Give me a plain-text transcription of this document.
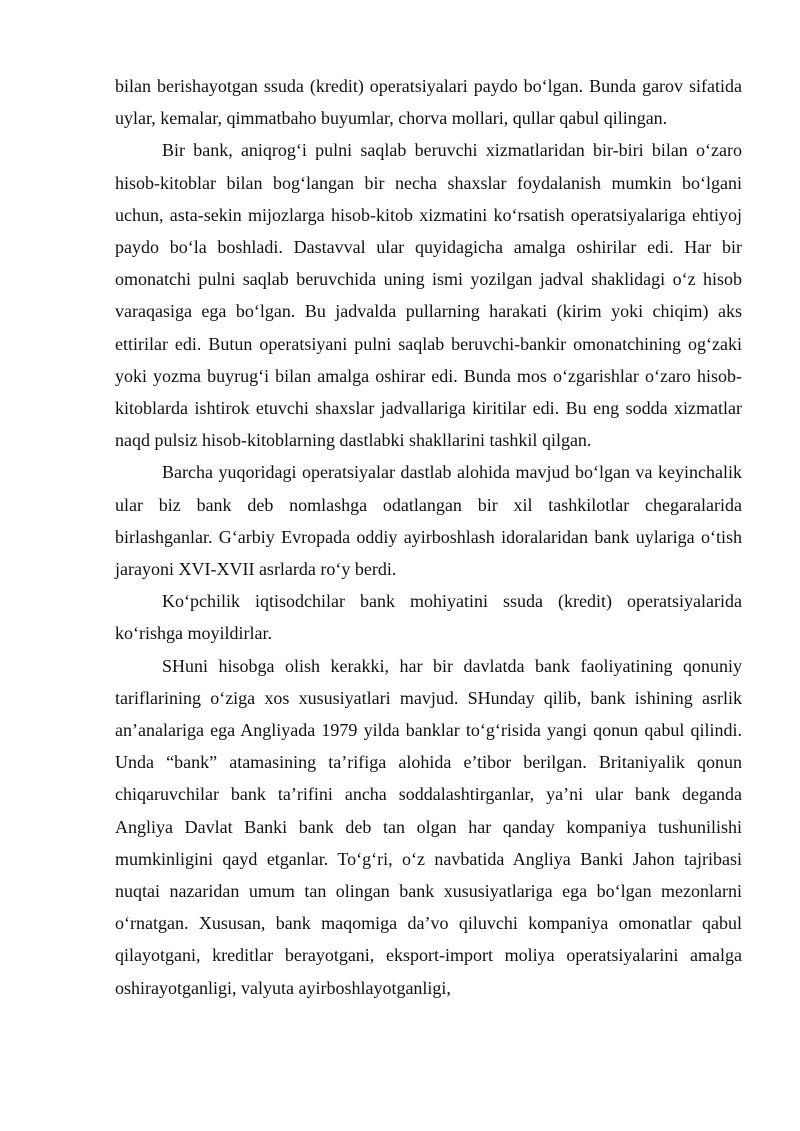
bilan berishayotgan ssuda (kredit) operatsiyalari paydo bo‘lgan. Bunda garov sifatida uylar, kemalar, qimmatbaho buyumlar, chorva mollari, qullar qabul qilingan.

Bir bank, aniqrog‘i pulni saqlab beruvchi xizmatlaridan bir-biri bilan o‘zaro hisob-kitoblar bilan bog‘langan bir necha shaxslar foydalanish mumkin bo‘lgani uchun, asta-sekin mijozlarga hisob-kitob xizmatini ko‘rsatish operatsiyalariga ehtiyoj paydo bo‘la boshladi. Dastavval ular quyidagicha amalga oshirilar edi. Har bir omonatchi pulni saqlab beruvchida uning ismi yozilgan jadval shaklidagi o‘z hisob varaqasiga ega bo‘lgan. Bu jadvalda pullarning harakati (kirim yoki chiqim) aks ettirilar edi. Butun operatsiyani pulni saqlab beruvchi-bankir omonatchining og‘zaki yoki yozma buyrug‘i bilan amalga oshirar edi. Bunda mos o‘zgarishlar o‘zaro hisob- kitoblarda ishtirok etuvchi shaxslar jadvallariga kiritilar edi. Bu eng sodda xizmatlar naqd pulsiz hisob-kitoblarning dastlabki shakllarini tashkil qilgan.

Barcha yuqoridagi operatsiyalar dastlab alohida mavjud bo‘lgan va keyinchalik ular biz bank deb nomlashga odatlangan bir xil tashkilotlar chegaralarida birlashganlar. G‘arbiy Evropada oddiy ayirboshlash idoralaridan bank uylariga o‘tish jarayoni XVI-XVII asrlarda ro‘y berdi.

Ko‘pchilik iqtisodchilar bank mohiyatini ssuda (kredit) operatsiyalarida ko‘rishga moyildirlar.

SHuni hisobga olish kerakki, har bir davlatda bank faoliyatining qonuniy tariflarining o‘ziga xos xususiyatlari mavjud. SHunday qilib, bank ishining asrlik an’analariga ega Angliyada 1979 yilda banklar to‘g‘risida yangi qonun qabul qilindi. Unda “bank” atamasining ta’rifiga alohida e’tibor berilgan. Britaniyalik qonun chiqaruvchilar bank ta’rifini ancha soddalashtirganlar, ya’ni ular bank deganda Angliya Davlat Banki bank deb tan olgan har qanday kompaniya tushunilishi mumkinligini qayd etganlar. To‘g‘ri, o‘z navbatida Angliya Banki Jahon tajribasi nuqtai nazaridan umum tan olingan bank xususiyatlariga ega bo‘lgan mezonlarni o‘rnatgan. Xususan, bank maqomiga da’vo qiluvchi kompaniya omonatlar qabul qilayotgani, kreditlar berayotgani, eksport-import moliya operatsiyalarini amalga oshirayotganligi, valyuta ayirboshlayotganligi,
